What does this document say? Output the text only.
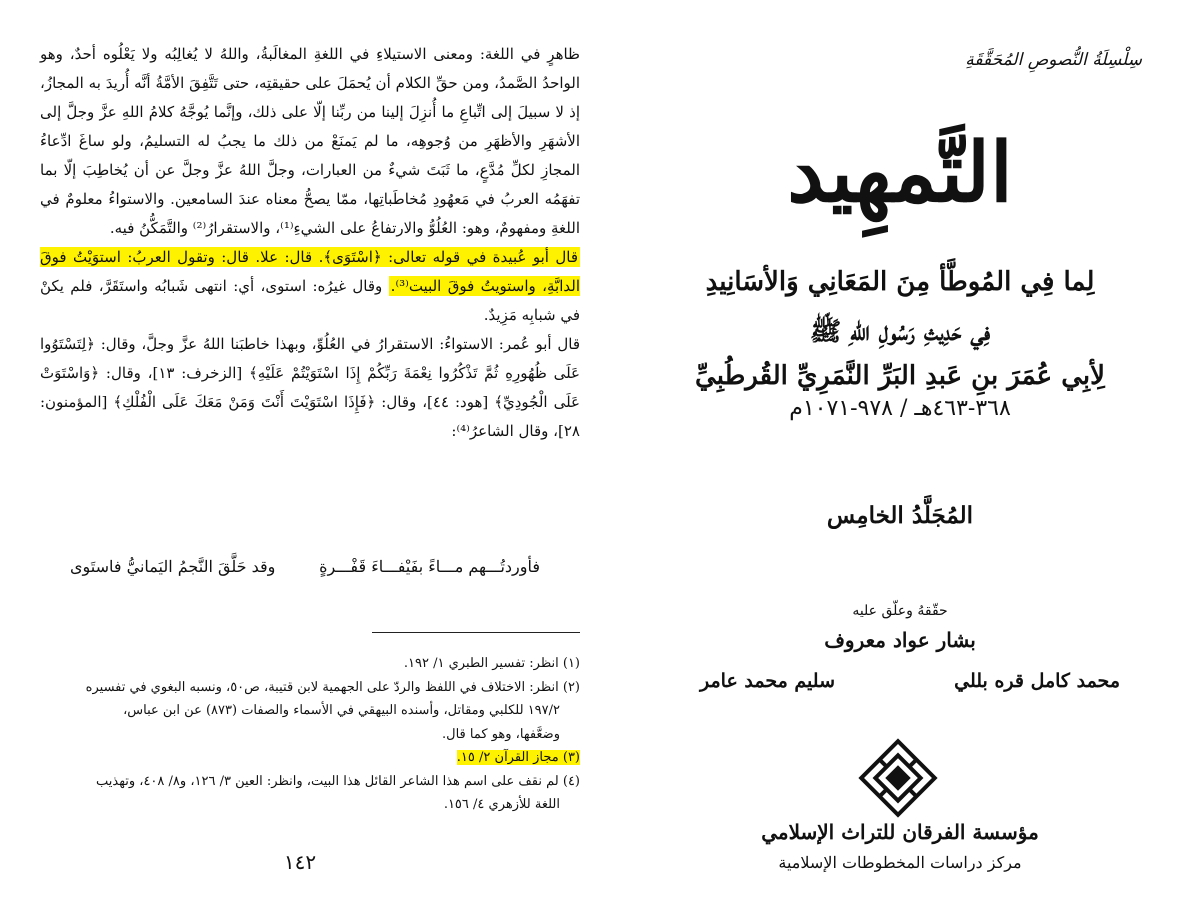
ظاهرٍ في اللغة: ومعنى الاستيلاءِ في اللغةِ المغالَبةُ، واللهُ لا يُغالِبُه ولا يَعْلُوه أحدٌ، وهو الواحدُ الصَّمدُ، ومن حقِّ الكلام أن يُحمَلَ على حقيقتِه، حتى تَتَّفِقَ الأمَّةُ أنَّه أُريدَ به المجازُ، إذ لا سبيلَ إلى اتِّباعِ ما أُنزِلَ إلينا من ربِّنا إلّا على ذلك، وإنَّما يُوجَّهُ كلامُ اللهِ عزَّ وجلَّ إلى الأشهَرِ والأظهَرِ من وُجوهِه، ما لم يَمنَعْ من ذلك ما يجبُ له التسليمُ، ولو ساغَ ادِّعاءُ المجازِ لكلِّ مُدَّعٍ، ما ثَبَتَ شيءٌ من العبارات، وجلَّ اللهُ عزَّ وجلَّ عن أن يُخاطِبَ إلّا بما تفهَمُه العربُ في مَعهُودِ مُخاطَباتِها، ممّا يصحُّ معناه عندَ السامعين. والاستواءُ معلومٌ في اللغةِ ومفهومٌ، وهو: العُلُوُّ والارتفاعُ على الشيءِ⁽¹⁾، والاستقرارُ⁽²⁾ والتَّمَكُّنُ فيه.

قال أبو عُبيدة في قوله تعالى: ﴿اسْتَوَى﴾. قال: علا. قال: وتقول العربُ: استوَيْتُ فوقَ الدابَّةِ، واستويتُ فوقَ البيت⁽³⁾. وقال غيرُه: استوى، أي: انتهى شَبابُه واستَقَرَّ، فلم يكنْ في شبابِه مَزِيدٌ.

قال أبو عُمر: الاستواءُ: الاستقرارُ في العُلُوِّ، وبهذا خاطبَنا اللهُ عزَّ وجلَّ، وقال: ﴿لِتَسْتَوُوا عَلَى ظُهُورِهِ ثُمَّ تَذْكُرُوا نِعْمَةَ رَبِّكُمْ إِذَا اسْتَوَيْتُمْ عَلَيْهِ﴾ [الزخرف: ١٣]، وقال: ﴿وَاسْتَوَتْ عَلَى الْجُودِيِّ﴾ [هود: ٤٤]، وقال: ﴿فَإِذَا اسْتَوَيْتَ أَنْتَ وَمَنْ مَعَكَ عَلَى الْفُلْكِ﴾ [المؤمنون: ٢٨]، وقال الشاعرُ⁽⁴⁾:

فأوردتُـــهم مـــاءً بفَيْفـــاءَ قَفْـــرةٍ
وقد حَلَّقَ النَّجمُ اليَمانيُّ فاستَوى
(١) انظر: تفسير الطبري ١/ ١٩٢.
(٢) انظر: الاختلاف في اللفظ والردّ على الجهمية لابن قتيبة، ص٥٠، ونسبه البغوي في تفسيره
١٩٧/٢ للكلبي ومقاتل، وأسنده البيهقي في الأسماء والصفات (٨٧٣) عن ابن عباس،
وضعَّفها، وهو كما قال.
(٣) مجاز القرآن ٢/ ١٥.
(٤) لم نقف على اسم هذا الشاعر القائل هذا البيت، وانظر: العين ٣/ ١٢٦، و٨/ ٤٠٨، وتهذيب
اللغة للأزهري ٤/ ١٥٦.
١٤٢
سِلْسِلَةُ النُّصوصِ المُحَقَّقَةِ
التَّمهِيد
لِما فِي المُوطَّأ مِنَ المَعَانِي وَالأسَانِيدِ
فِي حَدِيثِ رَسُولِ اللهِ ﷺ
لِأبِي عُمَرَ بنِ عَبدِ البَرِّ النَّمَرِيِّ القُرطُبِيِّ
٣٦٨-٤٦٣هـ / ٩٧٨-١٠٧١م
المُجَلَّدُ الخامِس
حقّقهُ وعلّق عليه
بشار عواد معروف
محمد كامل قره بللي
سليم محمد عامر
مؤسسة الفرقان للتراث الإسلامي
مركز دراسات المخطوطات الإسلامية
